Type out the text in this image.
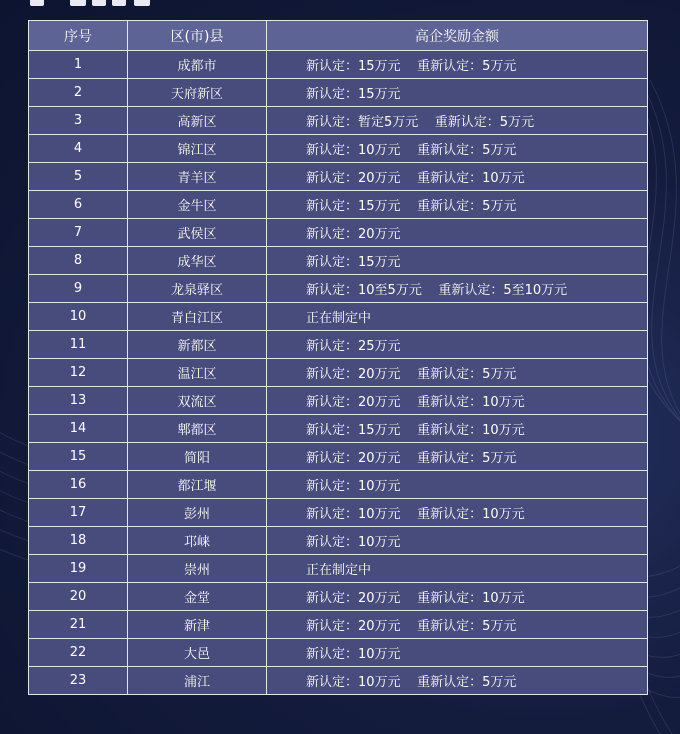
序号	区(市)县	高企奖励金额
1	成都市	新认定：15万元    重新认定：5万元
2	天府新区	新认定：15万元
3	高新区	新认定：暂定5万元    重新认定：5万元
4	锦江区	新认定：10万元    重新认定：5万元
5	青羊区	新认定：20万元    重新认定：10万元
6	金牛区	新认定：15万元    重新认定：5万元
7	武侯区	新认定：20万元
8	成华区	新认定：15万元
9	龙泉驿区	新认定：10至5万元    重新认定：5至10万元
10	青白江区	正在制定中
11	新都区	新认定：25万元
12	温江区	新认定：20万元    重新认定：5万元
13	双流区	新认定：20万元    重新认定：10万元
14	郫都区	新认定：15万元    重新认定：10万元
15	简阳	新认定：20万元    重新认定：5万元
16	都江堰	新认定：10万元
17	彭州	新认定：10万元    重新认定：10万元
18	邛崃	新认定：10万元
19	崇州	正在制定中
20	金堂	新认定：20万元    重新认定：10万元
21	新津	新认定：20万元    重新认定：5万元
22	大邑	新认定：10万元
23	浦江	新认定：10万元    重新认定：5万元
